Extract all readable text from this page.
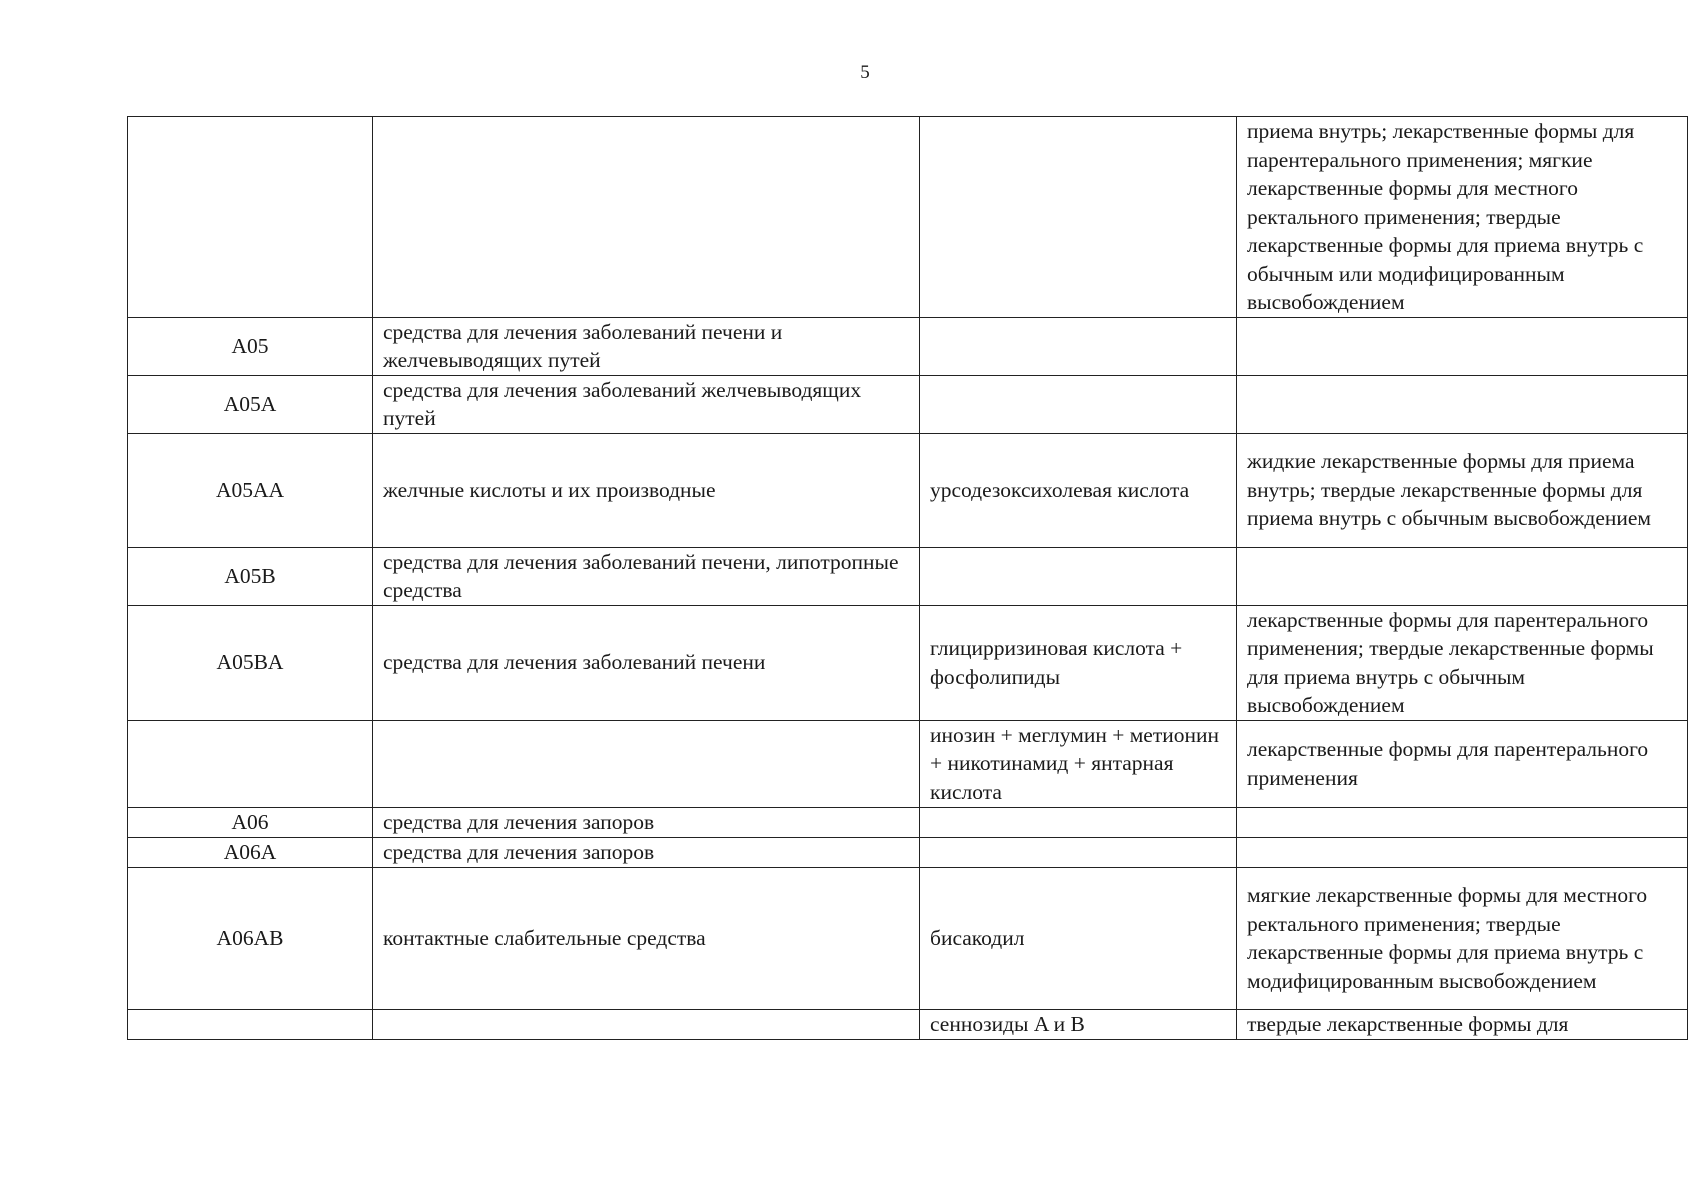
5
			приема внутрь; лекарственные формы для парентерального применения; мягкие лекарственные формы для местного ректального применения; твердые лекарственные формы для приема внутрь с обычным или модифицированным высвобождением
A05	средства для лечения заболеваний печени и желчевыводящих путей		
A05A	средства для лечения заболеваний желчевыводящих путей		
A05AA	желчные кислоты и их производные	урсодезоксихолевая кислота	жидкие лекарственные формы для приема внутрь; твердые лекарственные формы для приема внутрь с обычным высвобождением
A05B	средства для лечения заболеваний печени, липотропные средства		
A05BA	средства для лечения заболеваний печени	глицирризиновая кислота + фосфолипиды	лекарственные формы для парентерального применения; твердые лекарственные формы для приема внутрь с обычным высвобождением
		инозин + меглумин + метионин + никотинамид + янтарная кислота	лекарственные формы для парентерального применения
A06	средства для лечения запоров		
A06A	средства для лечения запоров		
A06AB	контактные слабительные средства	бисакодил	мягкие лекарственные формы для местного ректального применения; твердые лекарственные формы для приема внутрь с модифицированным высвобождением
		сеннозиды A и B	твердые лекарственные формы для
